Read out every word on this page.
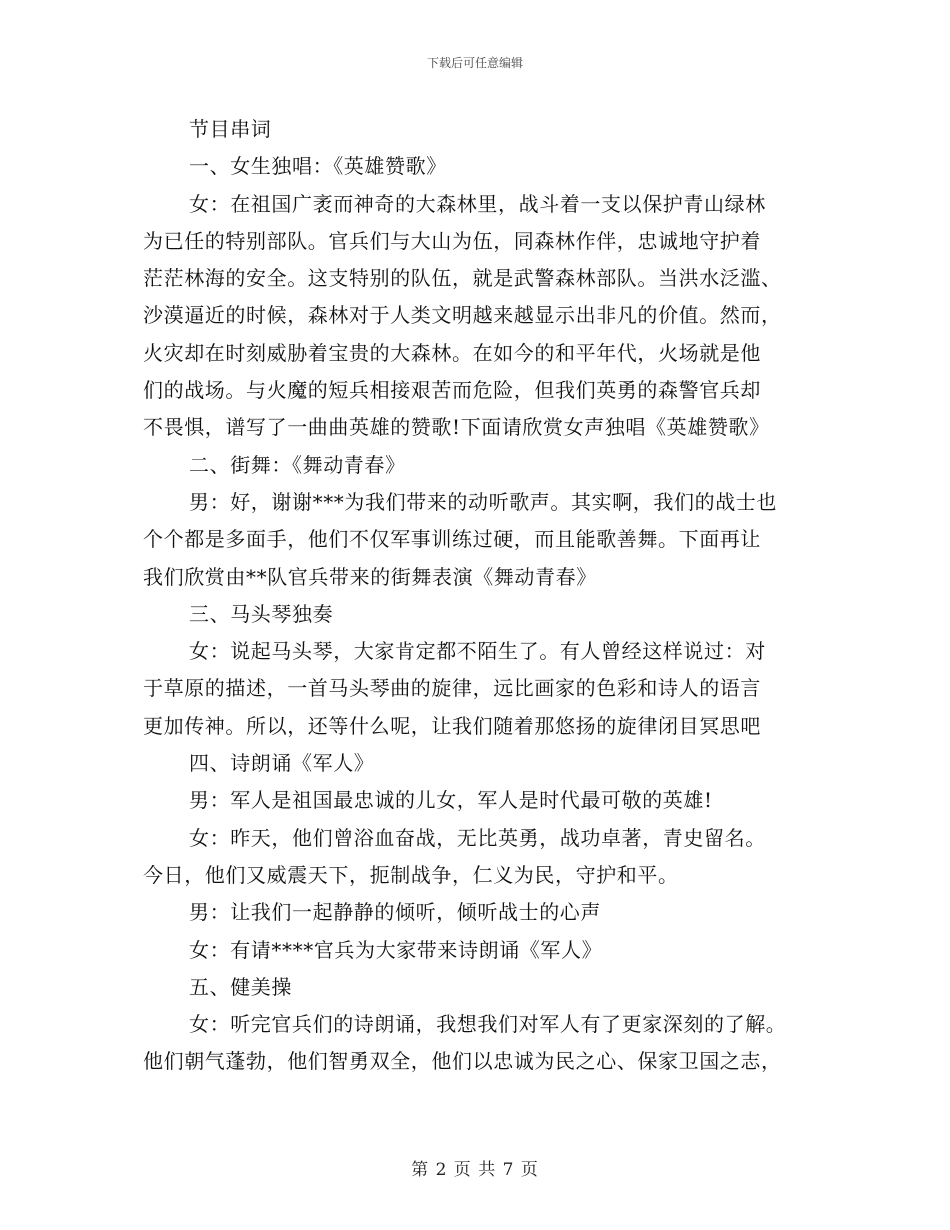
下载后可任意编辑
节目串词
一、女生独唱：《英雄赞歌》
女：在祖国广袤而神奇的大森林里，战斗着一支以保护青山绿林
为已任的特别部队。官兵们与大山为伍，同森林作伴，忠诚地守护着
茫茫林海的安全。这支特别的队伍，就是武警森林部队。当洪水泛滥、
沙漠逼近的时候，森林对于人类文明越来越显示出非凡的价值。然而，
火灾却在时刻威胁着宝贵的大森林。在如今的和平年代，火场就是他
们的战场。与火魔的短兵相接艰苦而危险，但我们英勇的森警官兵却
不畏惧，谱写了一曲曲英雄的赞歌!下面请欣赏女声独唱《英雄赞歌》
二、街舞：《舞动青春》
男：好，谢谢***为我们带来的动听歌声。其实啊，我们的战士也
个个都是多面手，他们不仅军事训练过硬，而且能歌善舞。下面再让
我们欣赏由**队官兵带来的街舞表演《舞动青春》
三、马头琴独奏
女：说起马头琴，大家肯定都不陌生了。有人曾经这样说过：对
于草原的描述，一首马头琴曲的旋律，远比画家的色彩和诗人的语言
更加传神。所以，还等什么呢，让我们随着那悠扬的旋律闭目冥思吧
四、诗朗诵《军人》
男：军人是祖国最忠诚的儿女，军人是时代最可敬的英雄!
女：昨天，他们曾浴血奋战，无比英勇，战功卓著，青史留名。
今日，他们又威震天下，扼制战争，仁义为民，守护和平。
男：让我们一起静静的倾听，倾听战士的心声
女：有请****官兵为大家带来诗朗诵《军人》
五、健美操
女：听完官兵们的诗朗诵，我想我们对军人有了更家深刻的了解。
他们朝气蓬勃，他们智勇双全，他们以忠诚为民之心、保家卫国之志，
第 2 页 共 7 页
